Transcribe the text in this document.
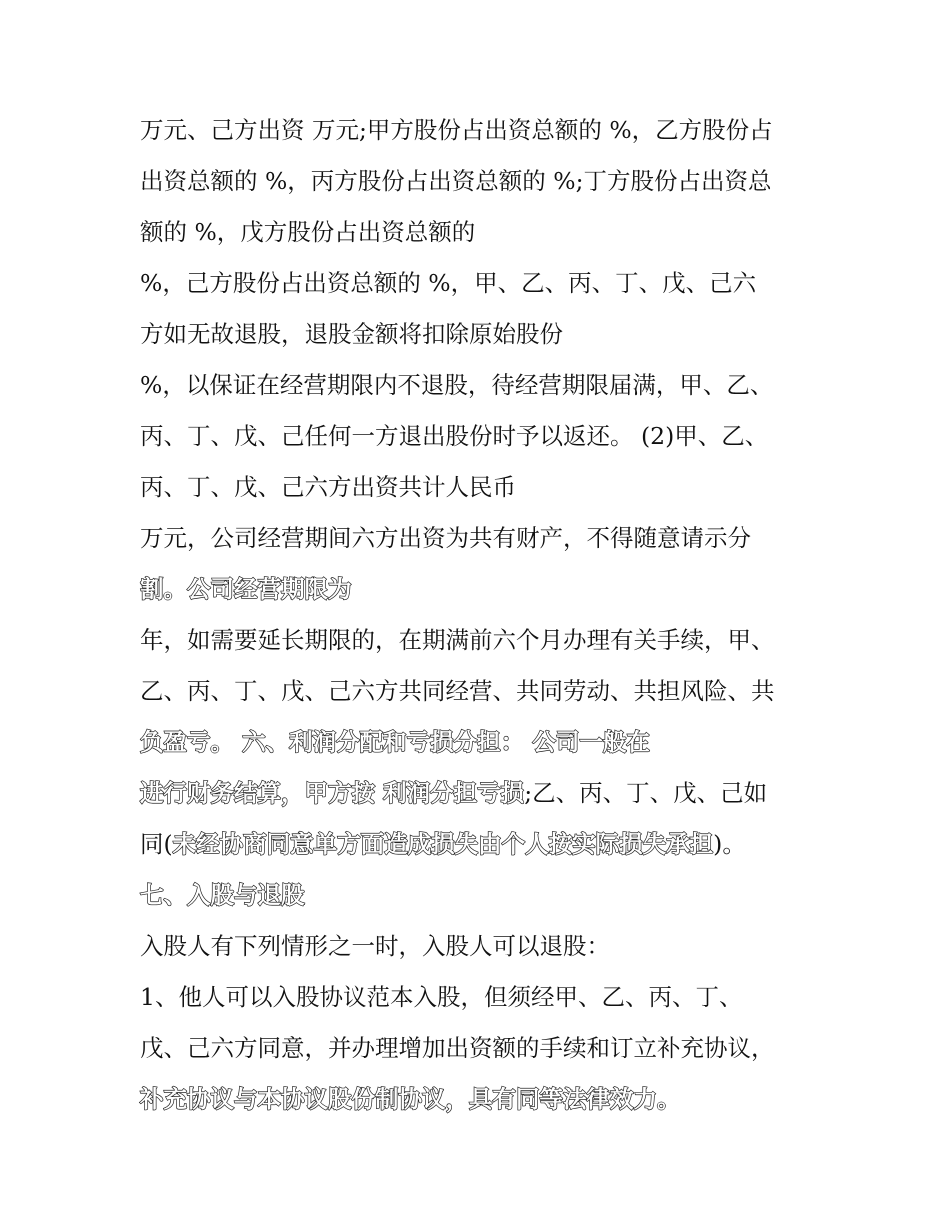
万元、己方出资 万元;甲方股份占出资总额的 %，乙方股份占
出资总额的 %，丙方股份占出资总额的 %;丁方股份占出资总
额的 %，戊方股份占出资总额的
%，己方股份占出资总额的 %，甲、乙、丙、丁、戊、己六
方如无故退股，退股金额将扣除原始股份
%，以保证在经营期限内不退股，待经营期限届满，甲、乙、
丙、丁、戊、己任何一方退出股份时予以返还。 (2)甲、乙、
丙、丁、戊、己六方出资共计人民币
万元，公司经营期间六方出资为共有财产，不得随意请示分
割。公司经营期限为
年，如需要延长期限的，在期满前六个月办理有关手续，甲、
乙、丙、丁、戊、己六方共同经营、共同劳动、共担风险、共
负盈亏。 六、利润分配和亏损分担： 公司一般在
进行财务结算，甲方按 利润分担亏损;乙、丙、丁、戊、己如
同(未经协商同意单方面造成损失由个人按实际损失承担)。
七、入股与退股
入股人有下列情形之一时，入股人可以退股：
1、他人可以入股协议范本入股，但须经甲、乙、丙、丁、
戊、己六方同意，并办理增加出资额的手续和订立补充协议，
补充协议与本协议股份制协议，具有同等法律效力。
